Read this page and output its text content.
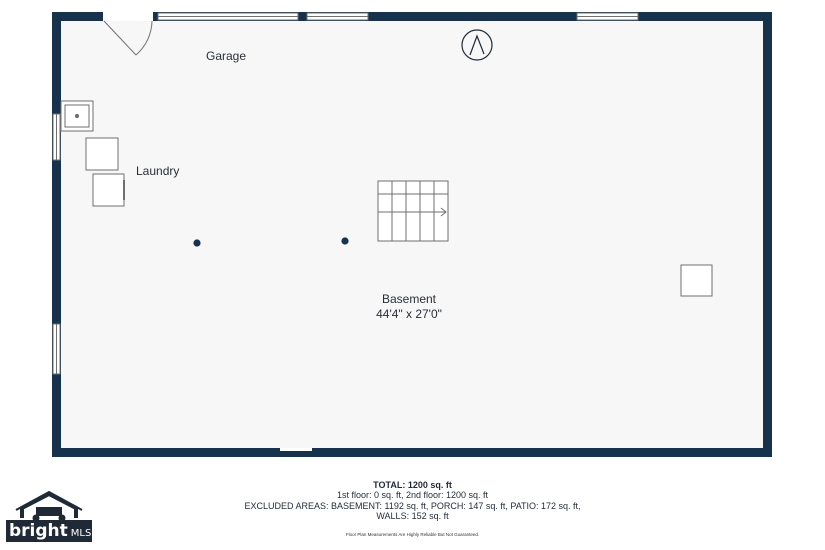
Garage
Laundry
Basement
44'4" x 27'0"
TOTAL: 1200 sq. ft
1st floor: 0 sq. ft, 2nd floor: 1200 sq. ft
EXCLUDED AREAS: BASEMENT: 1192 sq. ft, PORCH: 147 sq. ft, PATIO: 172 sq. ft,
WALLS: 152 sq. ft
Floor Plan Measurements Are Highly Reliable But Not Guaranteed.
bright MLS
